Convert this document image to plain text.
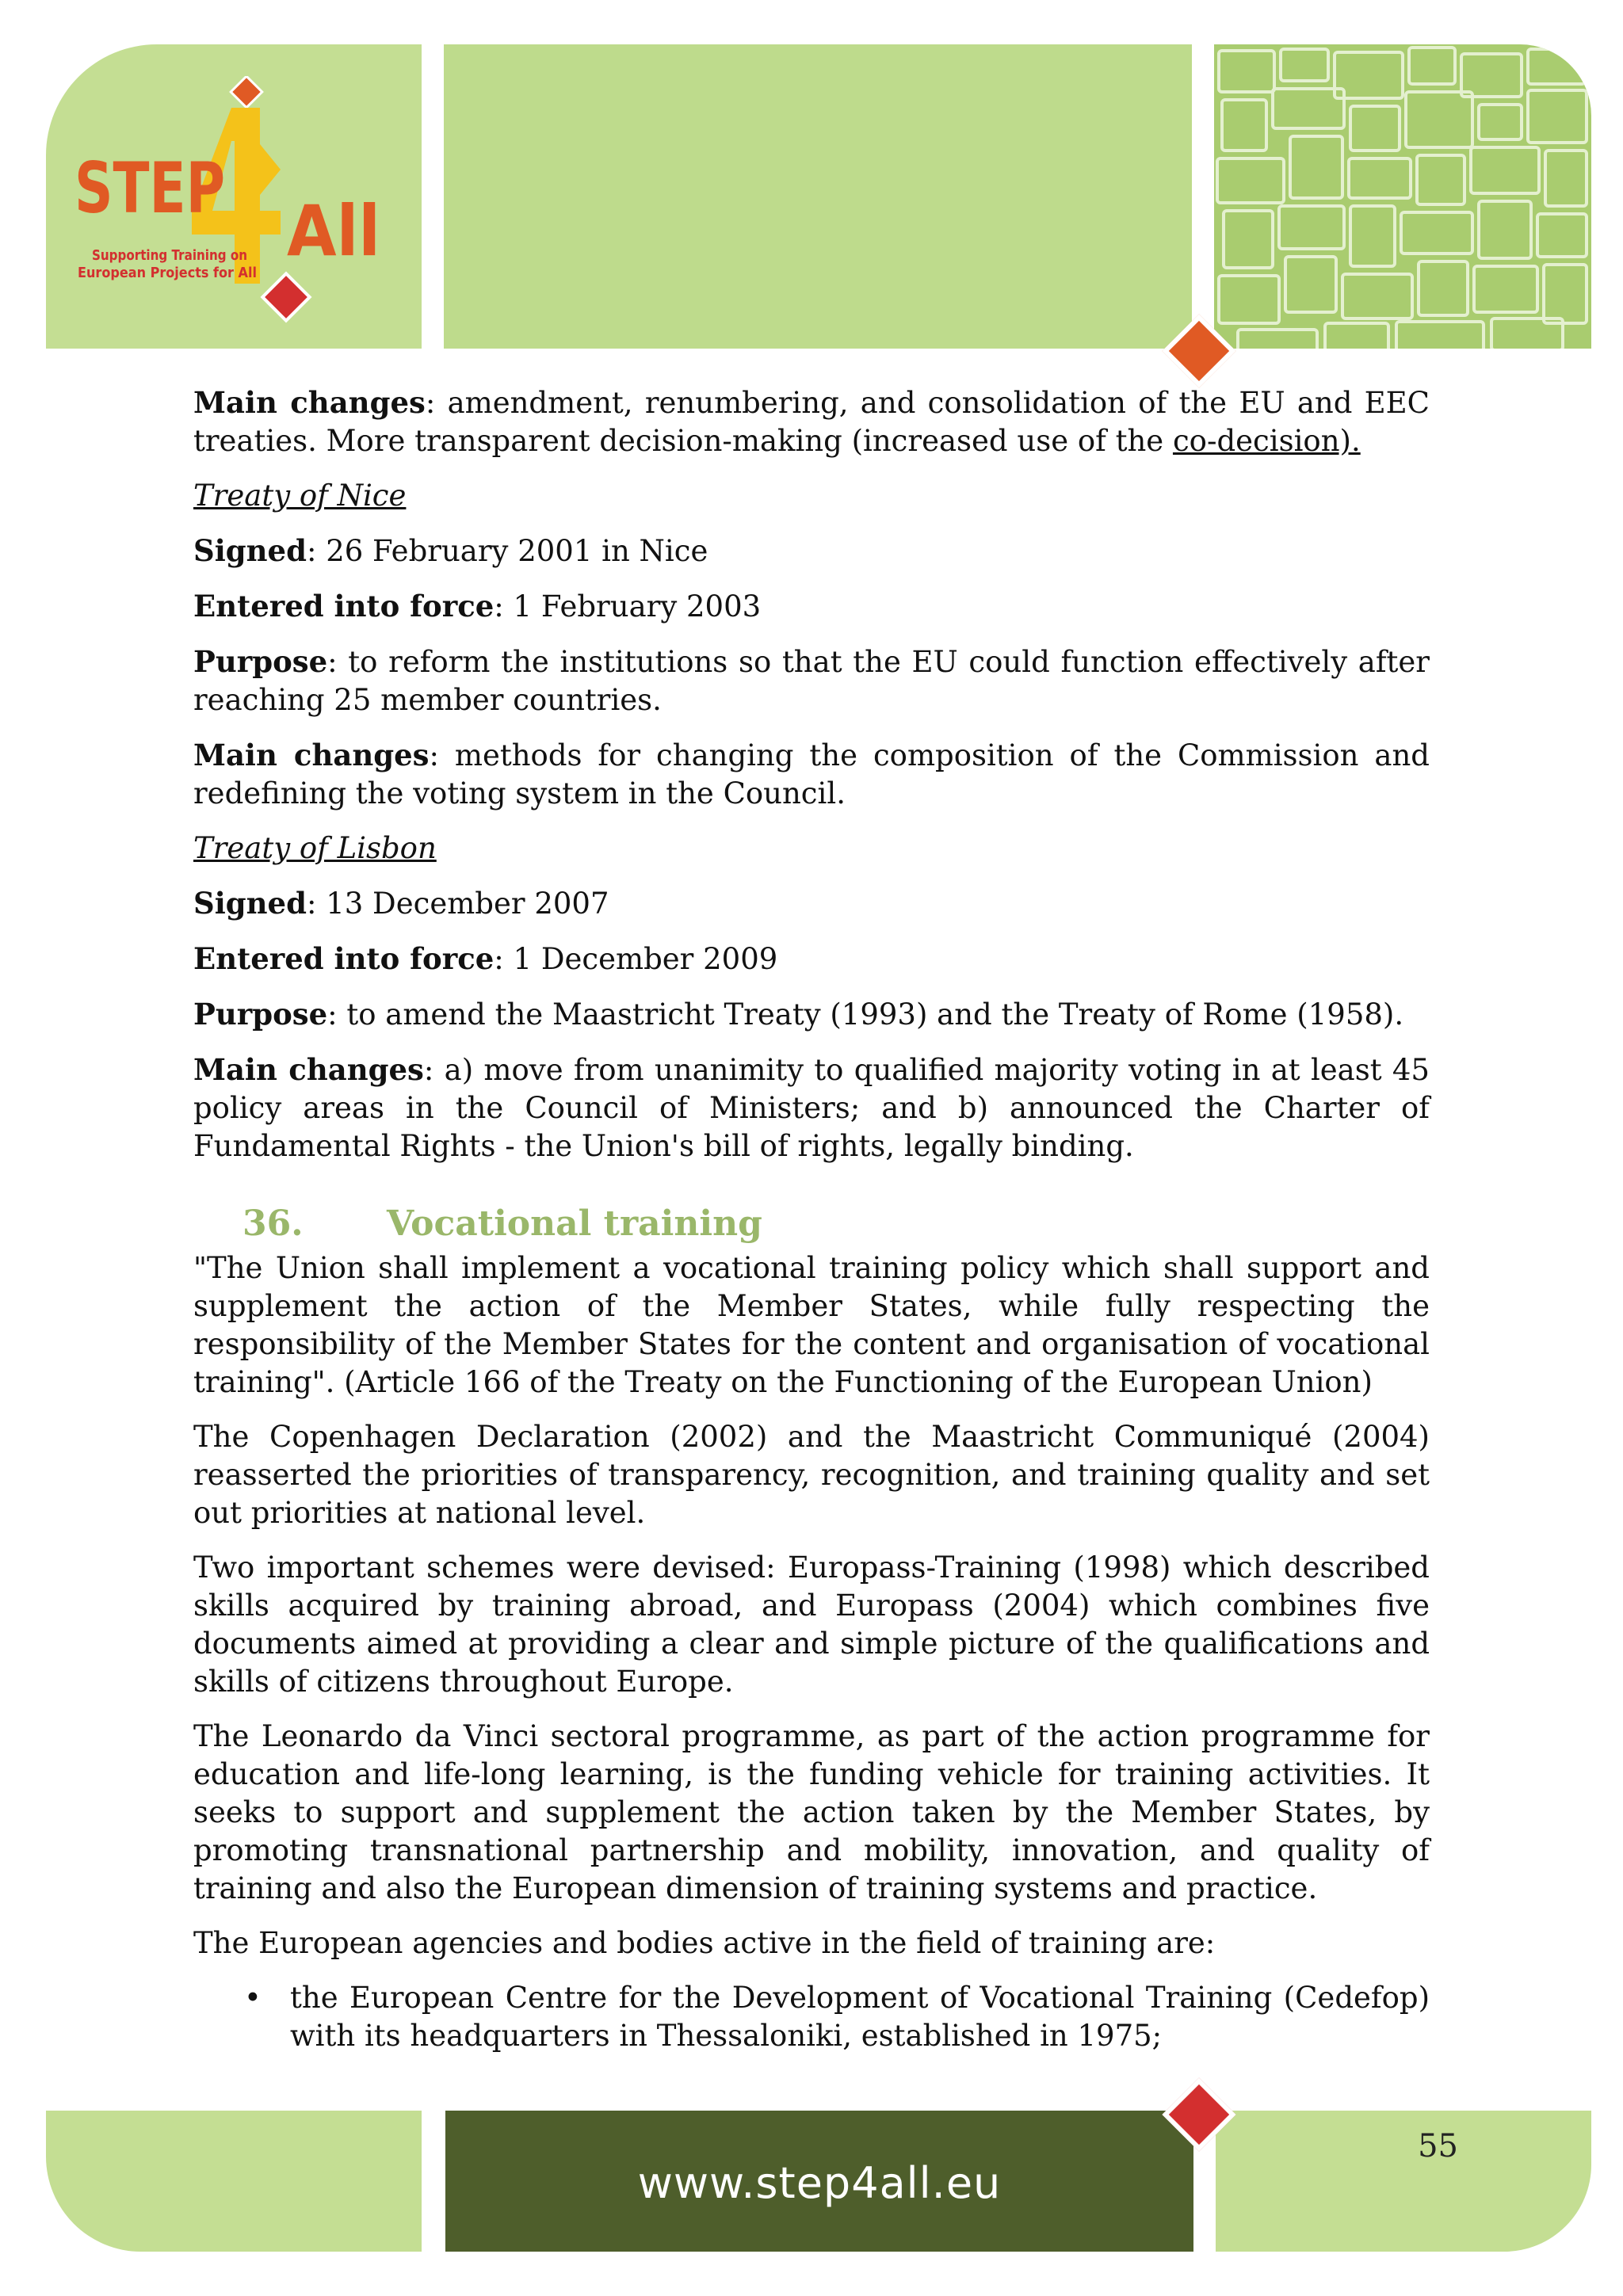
STEP
All
Supporting Training on
European Projects for All

Main changes: amendment, renumbering, and consolidation of the EU and EEC treaties. More transparent decision-making (increased use of the co-decision).

Treaty of Nice

Signed: 26 February 2001 in Nice

Entered into force: 1 February 2003

Purpose: to reform the institutions so that the EU could function effectively after reaching 25 member countries.

Main changes: methods for changing the composition of the Commission and redefining the voting system in the Council.

Treaty of Lisbon

Signed: 13 December 2007

Entered into force: 1 December 2009

Purpose: to amend the Maastricht Treaty (1993) and the Treaty of Rome (1958).

Main changes: a) move from unanimity to qualified majority voting in at least 45 policy areas in the Council of Ministers; and b) announced the Charter of Fundamental Rights - the Union's bill of rights, legally binding.

36. Vocational training

"The Union shall implement a vocational training policy which shall support and supplement the action of the Member States, while fully respecting the responsibility of the Member States for the content and organisation of vocational training". (Article 166 of the Treaty on the Functioning of the European Union)

The Copenhagen Declaration (2002) and the Maastricht Communiqué (2004) reasserted the priorities of transparency, recognition, and training quality and set out priorities at national level.

Two important schemes were devised: Europass-Training (1998) which described skills acquired by training abroad, and Europass (2004) which combines five documents aimed at providing a clear and simple picture of the qualifications and skills of citizens throughout Europe.

The Leonardo da Vinci sectoral programme, as part of the action programme for education and life-long learning, is the funding vehicle for training activities. It seeks to support and supplement the action taken by the Member States, by promoting transnational partnership and mobility, innovation, and quality of training and also the European dimension of training systems and practice.

The European agencies and bodies active in the field of training are:

• the European Centre for the Development of Vocational Training (Cedefop) with its headquarters in Thessaloniki, established in 1975;
www.step4all.eu
55
